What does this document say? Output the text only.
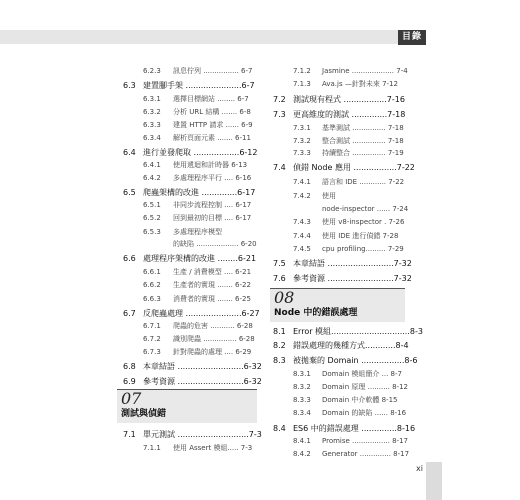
目錄
6.2.3 訊息佇列 ................ 6-7
6.3 建置腳手架 ......................6-7
6.3.1 選擇目標網站 ........ 6-7
6.3.2 分析 URL 結構 ....... 6-8
6.3.3 建置 HTTP 請求 ...... 6-9
6.3.4 解析頁面元素 ....... 6-11
6.4 進行並發爬取 ..................6-12
6.4.1 使用遞迴和計時器 6-13
6.4.2 多處理程序平行 .... 6-16
6.5 爬蟲架構的改進 ..............6-17
6.5.1 非同步流程控制 .... 6-17
6.5.2 回到最初的目標 .... 6-17
6.5.3 多處理程序模型
的缺陷 ................... 6-20
6.6 處理程序架構的改進 ........6-21
6.6.1 生產 / 消費模型 .... 6-21
6.6.2 生產者的實現 ....... 6-22
6.6.3 消費者的實現 ....... 6-25
6.7 反爬蟲處理 ......................6-27
6.7.1 爬蟲的危害 ........... 6-28
6.7.2 識別爬蟲 ............... 6-28
6.7.3 針對爬蟲的處理 .... 6-29
6.8 本章結語 ..........................6-32
6.9 參考資源 ..........................6-32
07
測試與偵錯
7.1 單元測試 ............................7-3
7.1.1 使用 Assert 模組..... 7-3
7.1.2 Jasmine ................... 7-4
7.1.3 Ava.js —針對未來 7-12
7.2 測試現有程式 .................7-16
7.3 更高維度的測試 ..............7-18
7.3.1 基準測試 ............... 7-18
7.3.2 整合測試 ............... 7-18
7.3.3 持續整合 ............... 7-19
7.4 偵錯 Node 應用 .................7-22
7.4.1 語言和 IDE ............ 7-22
7.4.2 使用
node-inspector ...... 7-24
7.4.3 使用 v8-inspector . 7-26
7.4.4 使用 IDE 進行偵錯 7-28
7.4.5 cpu profiling......... 7-29
7.5 本章結語 ..........................7-32
7.6 參考資源 ..........................7-32
08
Node 中的錯誤處理
8.1 Error 模組...............................8-3
8.2 錯誤處理的幾種方式............8-4
8.3 被拋棄的 Domain .................8-6
8.3.1 Domain 模組簡介 ... 8-7
8.3.2 Domain 原理 .......... 8-12
8.3.3 Domain 中介軟體 8-15
8.3.4 Domain 的缺陷 ...... 8-16
8.4 ES6 中的錯誤處理 ..............8-16
8.4.1 Promise ................. 8-17
8.4.2 Generator .............. 8-17
xi
